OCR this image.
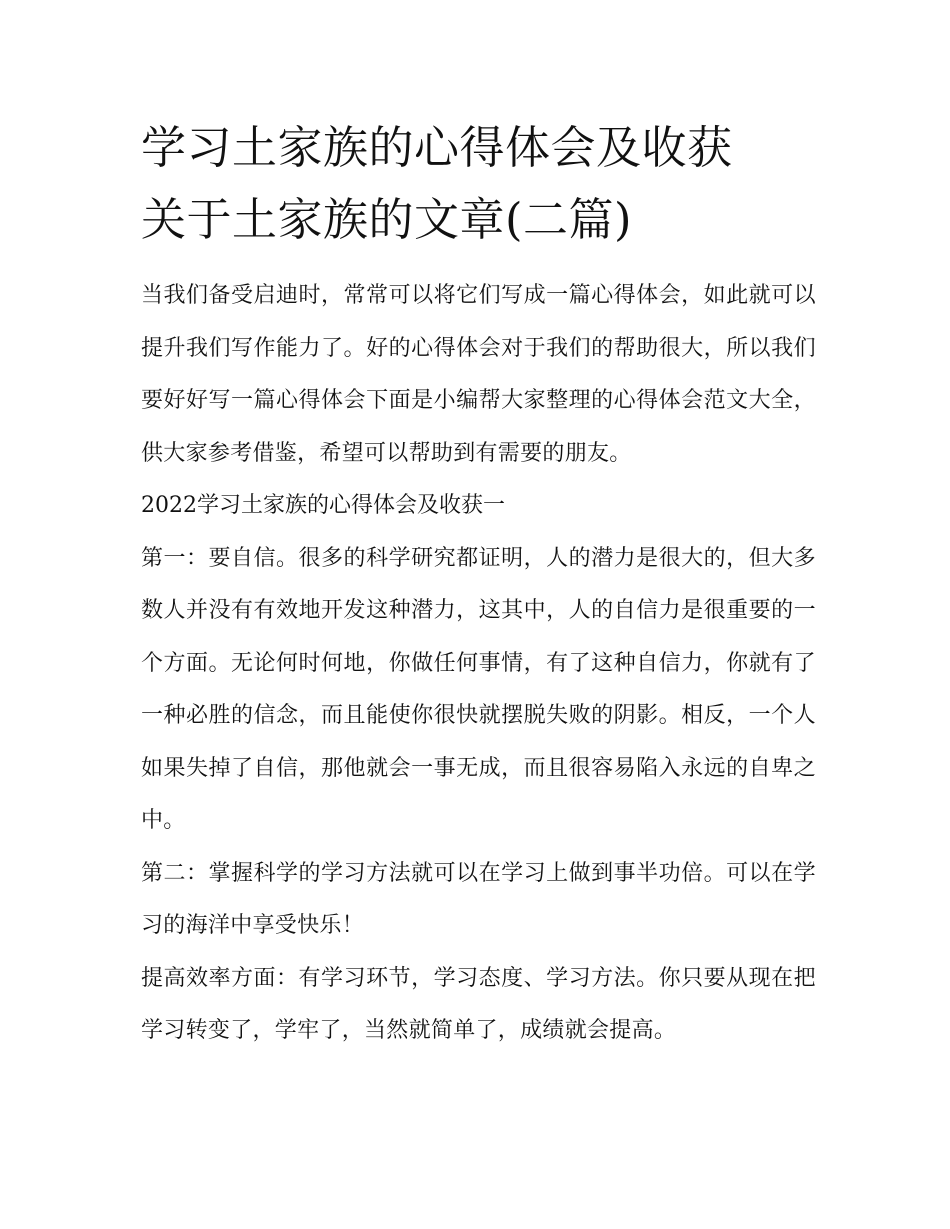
学习土家族的心得体会及收获
关于土家族的文章(二篇)

当我们备受启迪时，常常可以将它们写成一篇心得体会，如此就可以提升我们写作能力了。好的心得体会对于我们的帮助很大，所以我们要好好写一篇心得体会下面是小编帮大家整理的心得体会范文大全，供大家参考借鉴，希望可以帮助到有需要的朋友。

2022学习土家族的心得体会及收获一

第一：要自信。很多的科学研究都证明，人的潜力是很大的，但大多数人并没有有效地开发这种潜力，这其中，人的自信力是很重要的一个方面。无论何时何地，你做任何事情，有了这种自信力，你就有了一种必胜的信念，而且能使你很快就摆脱失败的阴影。相反，一个人如果失掉了自信，那他就会一事无成，而且很容易陷入永远的自卑之中。

第二：掌握科学的学习方法就可以在学习上做到事半功倍。可以在学习的海洋中享受快乐！

提高效率方面：有学习环节，学习态度、学习方法。你只要从现在把学习转变了，学牢了，当然就简单了，成绩就会提高。
